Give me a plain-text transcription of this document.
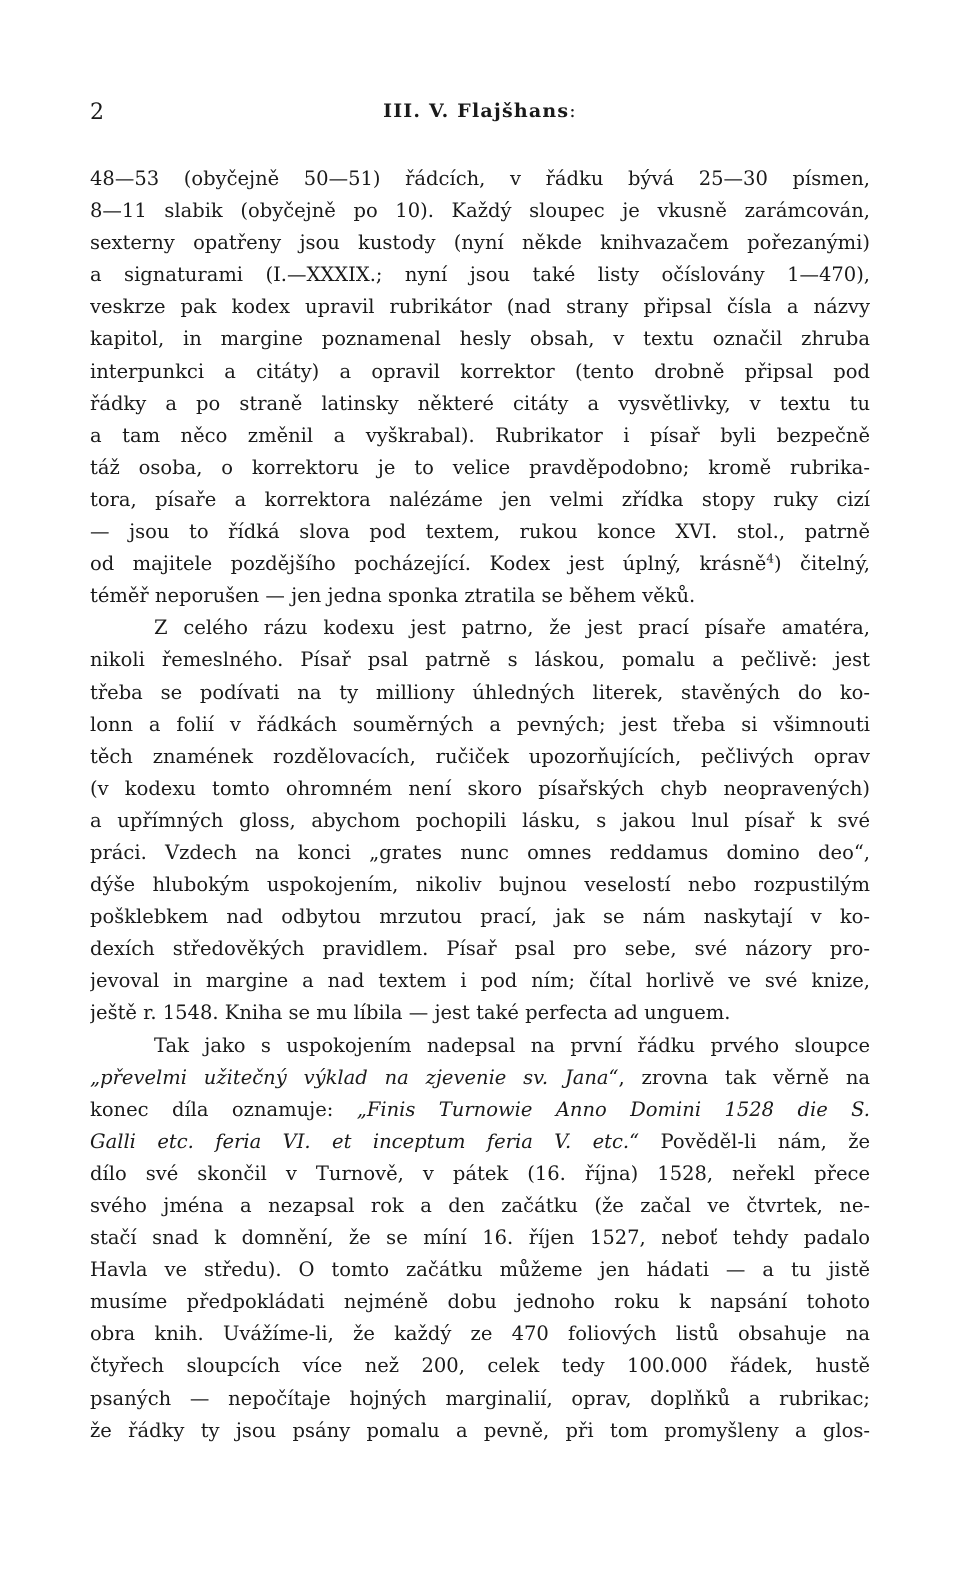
2	III. V. Flajšhans:
48—53 (obyčejně 50—51) řádcích, v řádku bývá 25—30 písmen,
8—11 slabik (obyčejně po 10). Každý sloupec je vkusně zarámcován,
sexterny opatřeny jsou kustody (nyní někde knihvazačem pořezanými)
a signaturami (I.—XXXIX.; nyní jsou také listy očíslovány 1—470),
veskrze pak kodex upravil rubrikátor (nad strany připsal čísla a názvy
kapitol, in margine poznamenal hesly obsah, v textu označil zhruba
interpunkci a citáty) a opravil korrektor (tento drobně připsal pod
řádky a po straně latinsky některé citáty a vysvětlivky, v textu tu
a tam něco změnil a vyškrabal). Rubrikator i písař byli bezpečně
táž osoba, o korrektoru je to velice pravděpodobno; kromě rubrika-
tora, písaře a korrektora nalézáme jen velmi zřídka stopy ruky cizí
— jsou to řídká slova pod textem, rukou konce XVI. stol., patrně
od majitele pozdějšího pocházející. Kodex jest úplný, krásně$^4$) čitelný,
téměř neporušen — jen jedna sponka ztratila se během věků.
Z celého rázu kodexu jest patrno, že jest prací písaře amatéra,
nikoli řemeslného. Písař psal patrně s láskou, pomalu a pečlivě: jest
třeba se podívati na ty milliony úhledných literek, stavěných do ko-
lonn a folií v řádkách souměrných a pevných; jest třeba si všimnouti
těch znamének rozdělovacích, ručiček upozorňujících, pečlivých oprav
(v kodexu tomto ohromném není skoro písařských chyb neopravených)
a upřímných gloss, abychom pochopili lásku, s jakou lnul písař k své
práci. Vzdech na konci „grates nunc omnes reddamus domino deo“,
dýše hlubokým uspokojením, nikoliv bujnou veselostí nebo rozpustilým
pošklebkem nad odbytou mrzutou prací, jak se nám naskytají v ko-
dexích středověkých pravidlem. Písař psal pro sebe, své názory pro-
jevoval in margine a nad textem i pod ním; čítal horlivě ve své knize,
ještě r. 1548. Kniha se mu líbila — jest také perfecta ad unguem.
Tak jako s uspokojením nadepsal na první řádku prvého sloupce
„převelmi užitečný výklad na zjevenie sv. Jana“, zrovna tak věrně na
konec díla oznamuje: „Finis Turnowie Anno Domini 1528 die S.
Galli etc. feria VI. et inceptum feria V. etc.“ Pověděl-li nám, že
dílo své skončil v Turnově, v pátek (16. října) 1528, neřekl přece
svého jména a nezapsal rok a den začátku (že začal ve čtvrtek, ne-
stačí snad k domnění, že se míní 16. říjen 1527, neboť tehdy padalo
Havla ve středu). O tomto začátku můžeme jen hádati — a tu jistě
musíme předpokládati nejméně dobu jednoho roku k napsání tohoto
obra knih. Uvážíme-li, že každý ze 470 foliových listů obsahuje na
čtyřech sloupcích více než 200, celek tedy 100.000 řádek, hustě
psaných — nepočítaje hojných marginalií, oprav, doplňků a rubrikac;
že řádky ty jsou psány pomalu a pevně, při tom promyšleny a glos-
